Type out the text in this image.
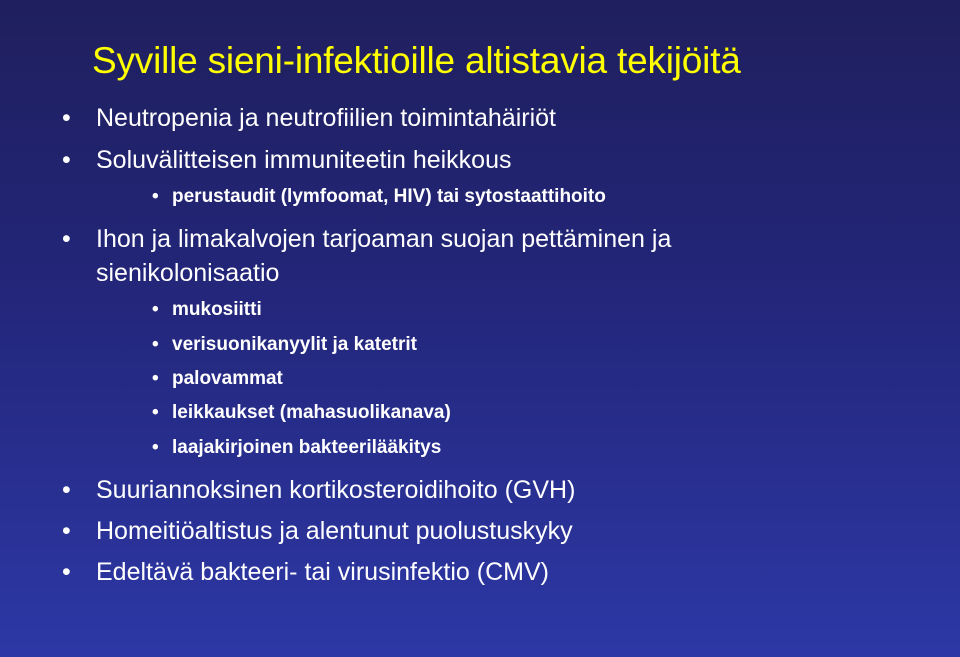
Syville sieni-infektioille altistavia tekijöitä
•	Neutropenia ja neutrofiilien toimintahäiriöt
•	Soluvälitteisen immuniteetin heikkous
• perustaudit (lymfoomat, HIV) tai sytostaattihoito
•	Ihon ja limakalvojen tarjoaman suojan pettäminen ja
sienikolonisaatio
• mukosiitti
• verisuonikanyylit ja katetrit
• palovammat
• leikkaukset (mahasuolikanava)
• laajakirjoinen bakteerilääkitys
•	Suuriannoksinen kortikosteroidihoito (GVH)
•	Homeitiöaltistus ja alentunut puolustuskyky
•	Edeltävä bakteeri- tai virusinfektio (CMV)
